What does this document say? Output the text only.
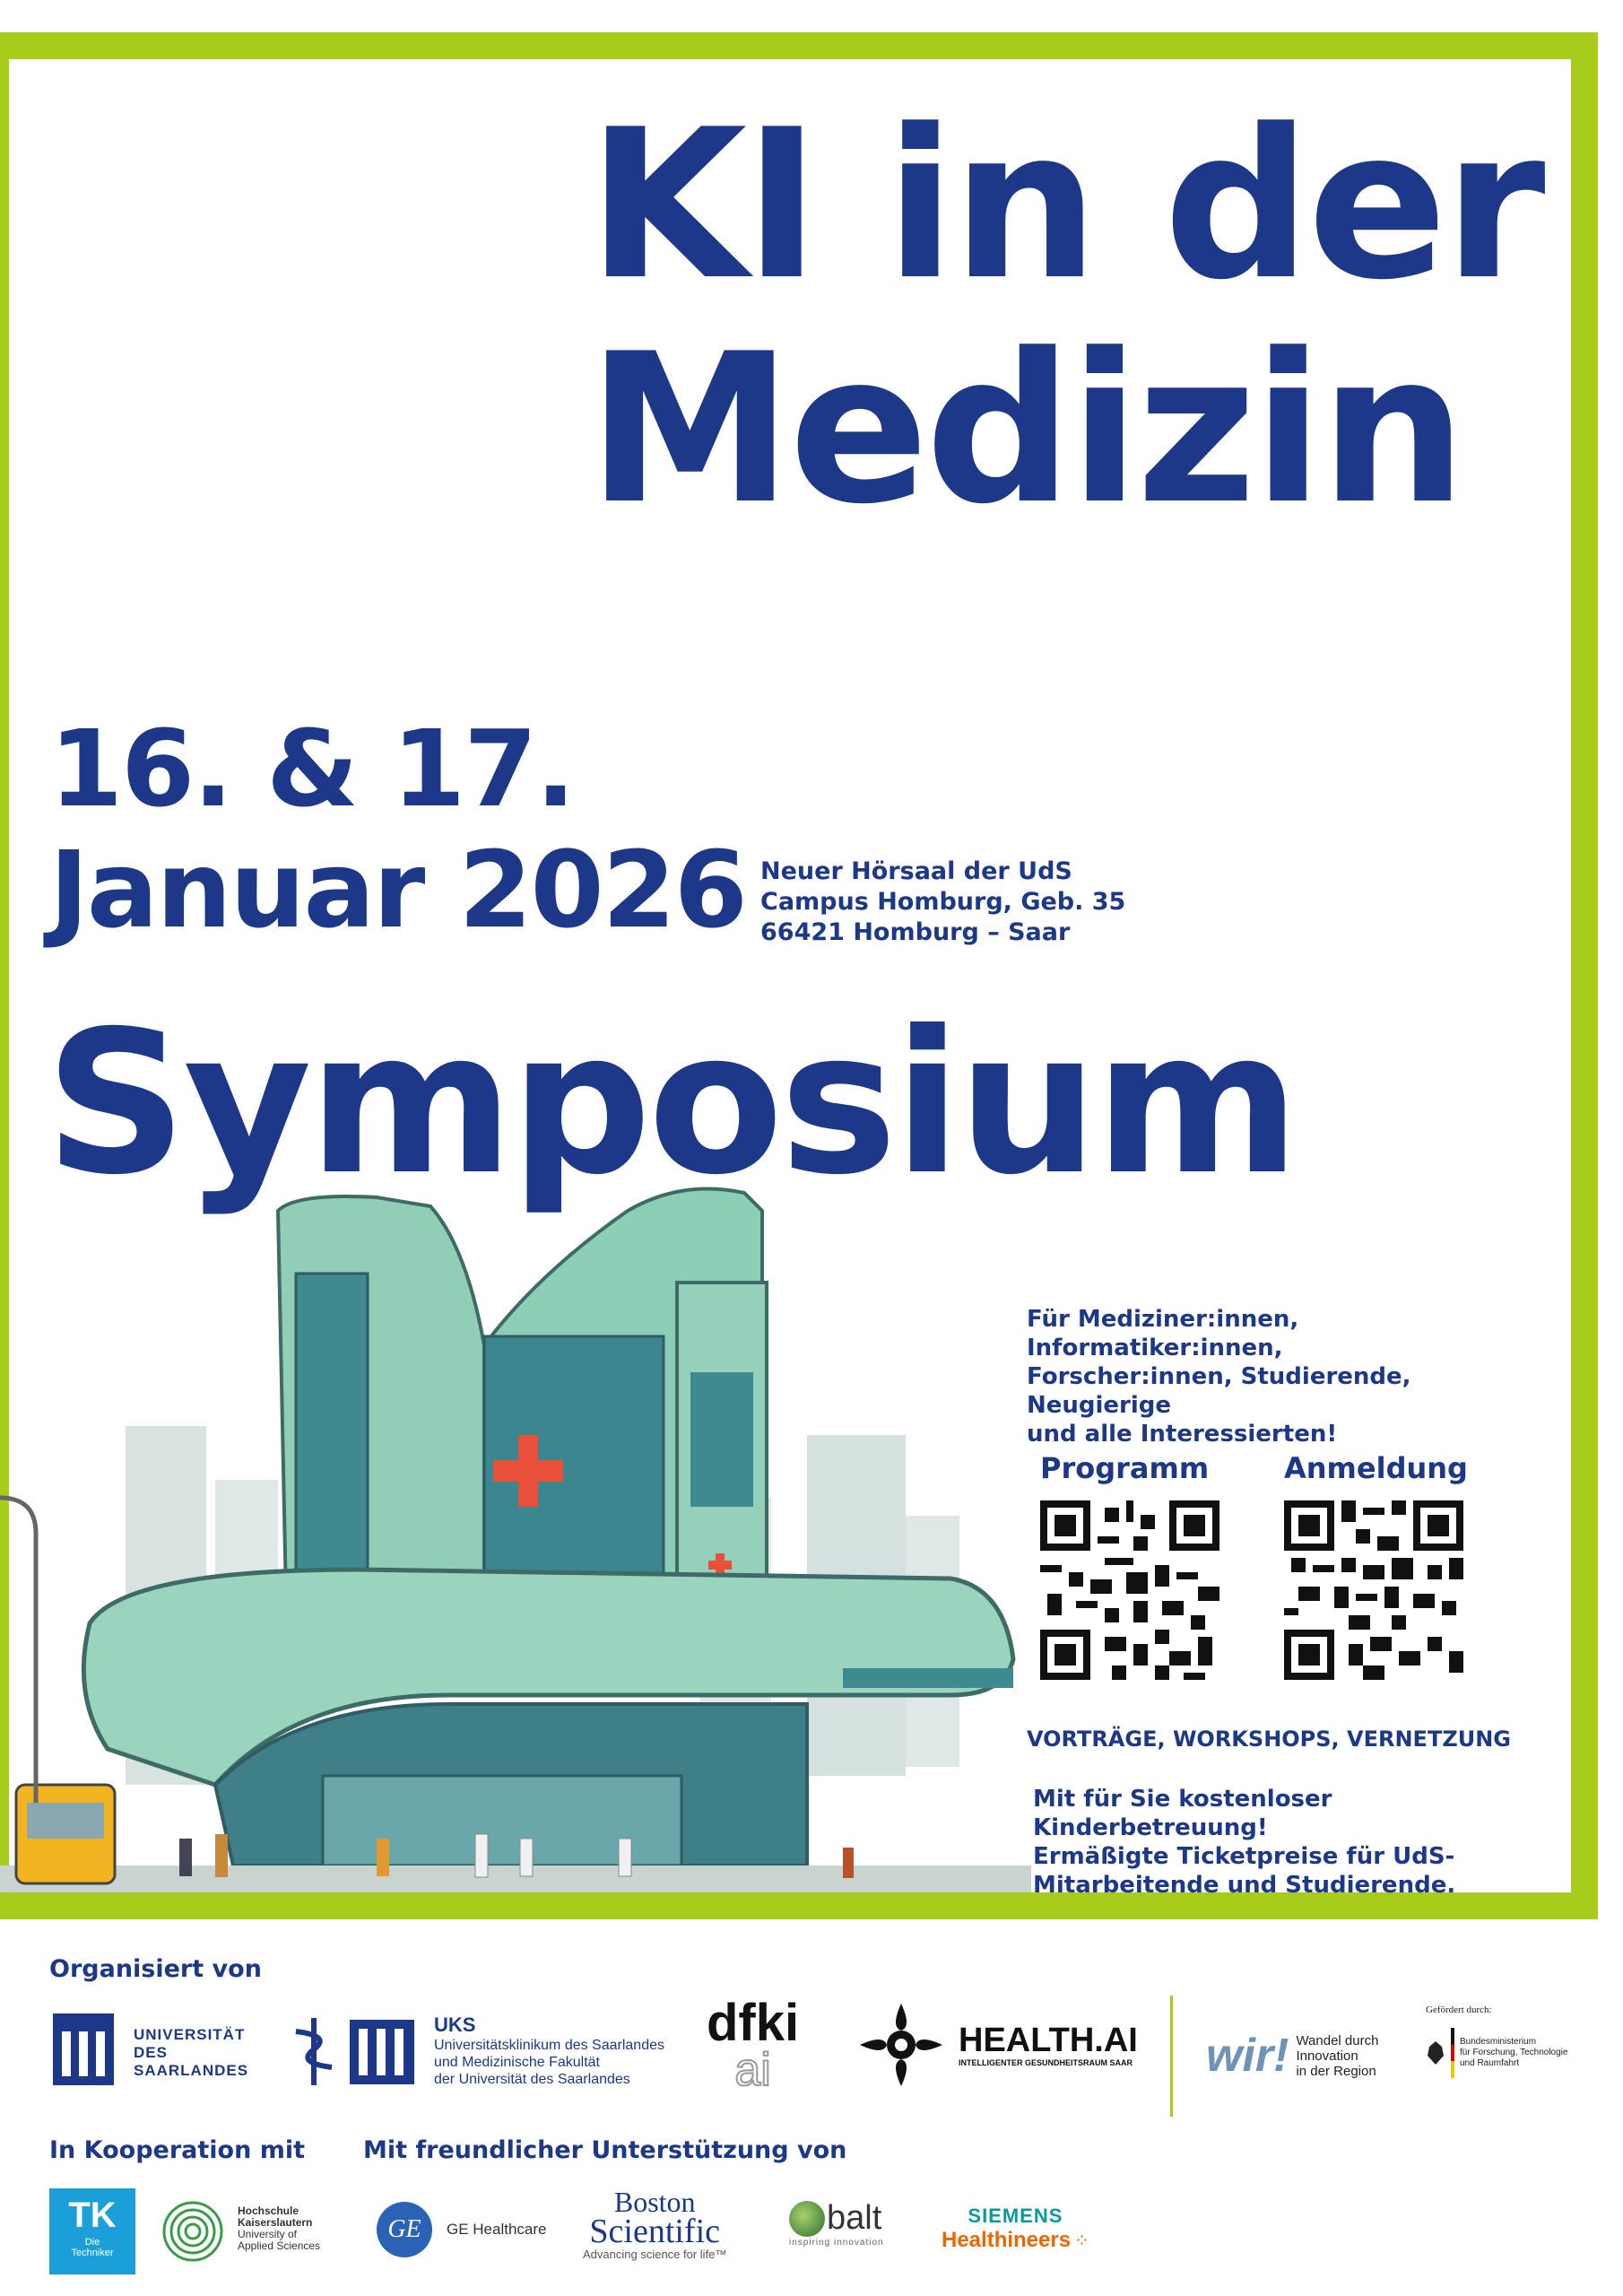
KI in der
Medizin
16. & 17.
Januar 2026 Neuer Hörsaal der UdS
Campus Homburg, Geb. 35
66421 Homburg – Saar
Symposium
Für Mediziner:innen, Informatiker:innen,
Forscher:innen, Studierende, Neugierige
und alle Interessierten!
Programm	Anmeldung
VORTRÄGE, WORKSHOPS, VERNETZUNG
Mit für Sie kostenloser Kinderbetreuung!
Ermäßigte Ticketpreise für UdS-
Mitarbeitende und Studierende.
Organisiert von
UNIVERSITÄT
DES
SAARLANDES
UKS
Universitätsklinikum des Saarlandes
und Medizinische Fakultät
der Universität des Saarlandes
dfki
ai
HEALTH.AI
INTELLIGENTER GESUNDHEITSRAUM SAAR wir! Wandel durch
Innovation
in der Region
Gefördert durch:
Bundesministerium
für Forschung, Technologie
und Raumfahrt
In Kooperation mit Mit freundlicher Unterstützung von
TK
Die
Techniker
Hochschule
Kaiserslautern
University of
Applied Sciences
GE	GE Healthcare
Boston
Scientific
Advancing science for life™
balt
inspiring innovation
SIEMENS
Healthineers ⁘
